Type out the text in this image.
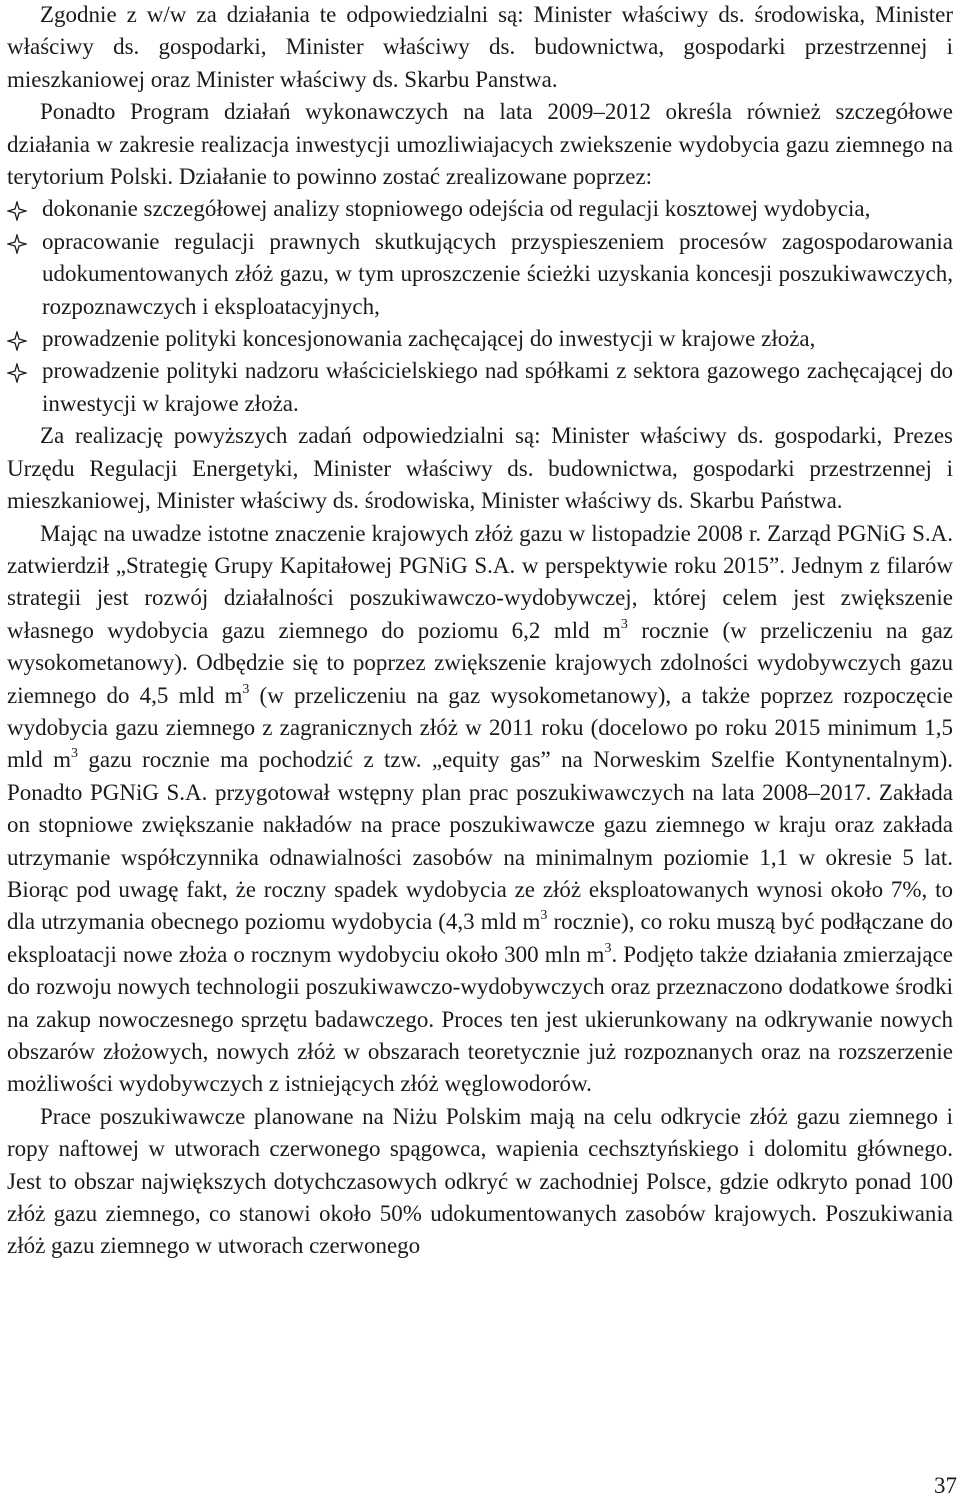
Zgodnie z w/w za działania te odpowiedzialni są: Minister właściwy ds. środowiska, Minister właściwy ds. gospodarki, Minister właściwy ds. budownictwa, gospodarki przestrzennej i mieszkaniowej oraz Minister właściwy ds. Skarbu Panstwa.

Ponadto Program działań wykonawczych na lata 2009–2012 określa również szczegółowe działania w zakresie realizacja inwestycji umozliwiajacych zwiekszenie wydobycia gazu ziemnego na terytorium Polski. Działanie to powinno zostać zrealizowane poprzez:

dokonanie szczegółowej analizy stopniowego odejścia od regulacji kosztowej wydobycia,

opracowanie regulacji prawnych skutkujących przyspieszeniem procesów zagospodarowania udokumentowanych złóż gazu, w tym uproszczenie ścieżki uzyskania koncesji poszukiwawczych, rozpoznawczych i eksploatacyjnych,

prowadzenie polityki koncesjonowania zachęcającej do inwestycji w krajowe złoża,

prowadzenie polityki nadzoru właścicielskiego nad spółkami z sektora gazowego zachęcającej do inwestycji w krajowe złoża.

Za realizację powyższych zadań odpowiedzialni są: Minister właściwy ds. gospodarki, Prezes Urzędu Regulacji Energetyki, Minister właściwy ds. budownictwa, gospodarki przestrzennej i mieszkaniowej, Minister właściwy ds. środowiska, Minister właściwy ds. Skarbu Państwa.

Mając na uwadze istotne znaczenie krajowych złóż gazu w listopadzie 2008 r. Zarząd PGNiG S.A. zatwierdził „Strategię Grupy Kapitałowej PGNiG S.A. w perspektywie roku 2015”. Jednym z filarów strategii jest rozwój działalności poszukiwawczo-wydobywczej, której celem jest zwiększenie własnego wydobycia gazu ziemnego do poziomu 6,2 mld $m^3$ rocznie (w przeliczeniu na gaz wysokometanowy). Odbędzie się to poprzez zwiększenie krajowych zdolności wydobywczych gazu ziemnego do 4,5 mld $m^3$ (w przeliczeniu na gaz wysokometanowy), a także poprzez rozpoczęcie wydobycia gazu ziemnego z zagranicznych złóż w 2011 roku (docelowo po roku 2015 minimum 1,5 mld $m^3$ gazu rocznie ma pochodzić z tzw. „equity gas” na Norweskim Szelfie Kontynentalnym). Ponadto PGNiG S.A. przygotował wstępny plan prac poszukiwawczych na lata 2008–2017. Zakłada on stopniowe zwiększanie nakładów na prace poszukiwawcze gazu ziemnego w kraju oraz zakłada utrzymanie współczynnika odnawialności zasobów na minimalnym poziomie 1,1 w okresie 5 lat. Biorąc pod uwagę fakt, że roczny spadek wydobycia ze złóż eksploatowanych wynosi około 7%, to dla utrzymania obecnego poziomu wydobycia (4,3 mld $m^3$ rocznie), co roku muszą być podłączane do eksploatacji nowe złoża o rocznym wydobyciu około 300 mln $m^3$. Podjęto także działania zmierzające do rozwoju nowych technologii poszukiwawczo-wydobywczych oraz przeznaczono dodatkowe środki na zakup nowoczesnego sprzętu badawczego. Proces ten jest ukierunkowany na odkrywanie nowych obszarów złożowych, nowych złóż w obszarach teoretycznie już rozpoznanych oraz na rozszerzenie możliwości wydobywczych z istniejących złóż węglowodorów.

Prace poszukiwawcze planowane na Niżu Polskim mają na celu odkrycie złóż gazu ziemnego i ropy naftowej w utworach czerwonego spągowca, wapienia cechsztyńskiego i dolomitu głównego. Jest to obszar największych dotychczasowych odkryć w zachodniej Polsce, gdzie odkryto ponad 100 złóż gazu ziemnego, co stanowi około 50% udokumentowanych zasobów krajowych. Poszukiwania złóż gazu ziemnego w utworach czerwonego

37
